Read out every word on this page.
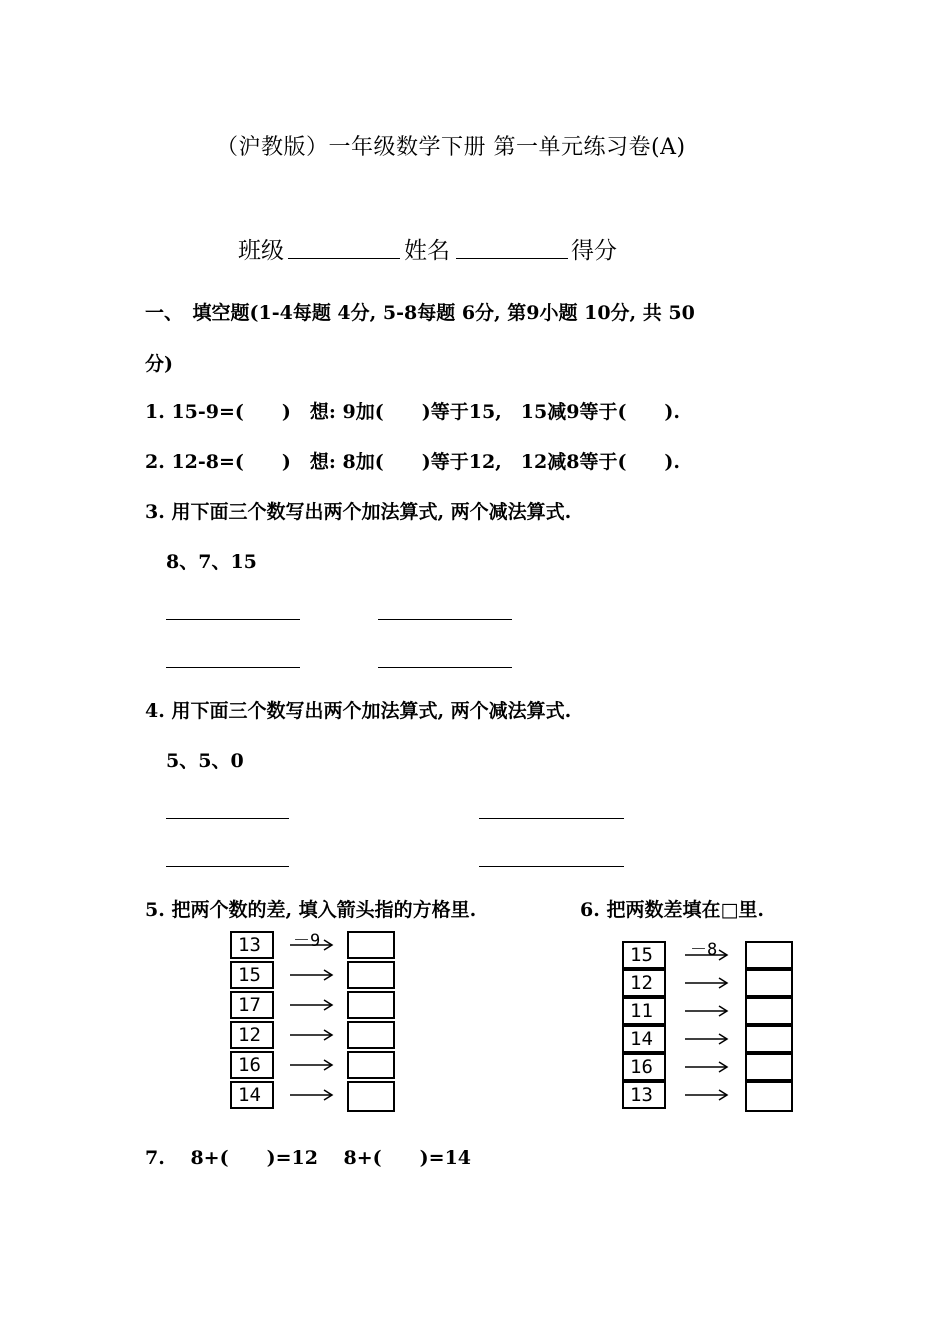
（沪教版）一年级数学下册 第一单元练习卷(A)
班级	姓名	得分
一、　填空题(1-4每题 4分, 5-8每题 6分, 第9小题 10分, 共 50
分)
1. 15-9=(　　)　想: 9加(　　)等于15,　15减9等于(　　).
2. 12-8=(　　)　想: 8加(　　)等于12,　12减8等于(　　).
3. 用下面三个数写出两个加法算式, 两个减法算式.
8、7、15
4. 用下面三个数写出两个加法算式, 两个减法算式.
5、5、0
5. 把两个数的差, 填入箭头指的方格里.	6. 把两数差填在□里.
－9
13
15
17
12
16
14
－8
15
12
11
14
16
13
7.　 8+(　　)=12　 8+(　　)=14
